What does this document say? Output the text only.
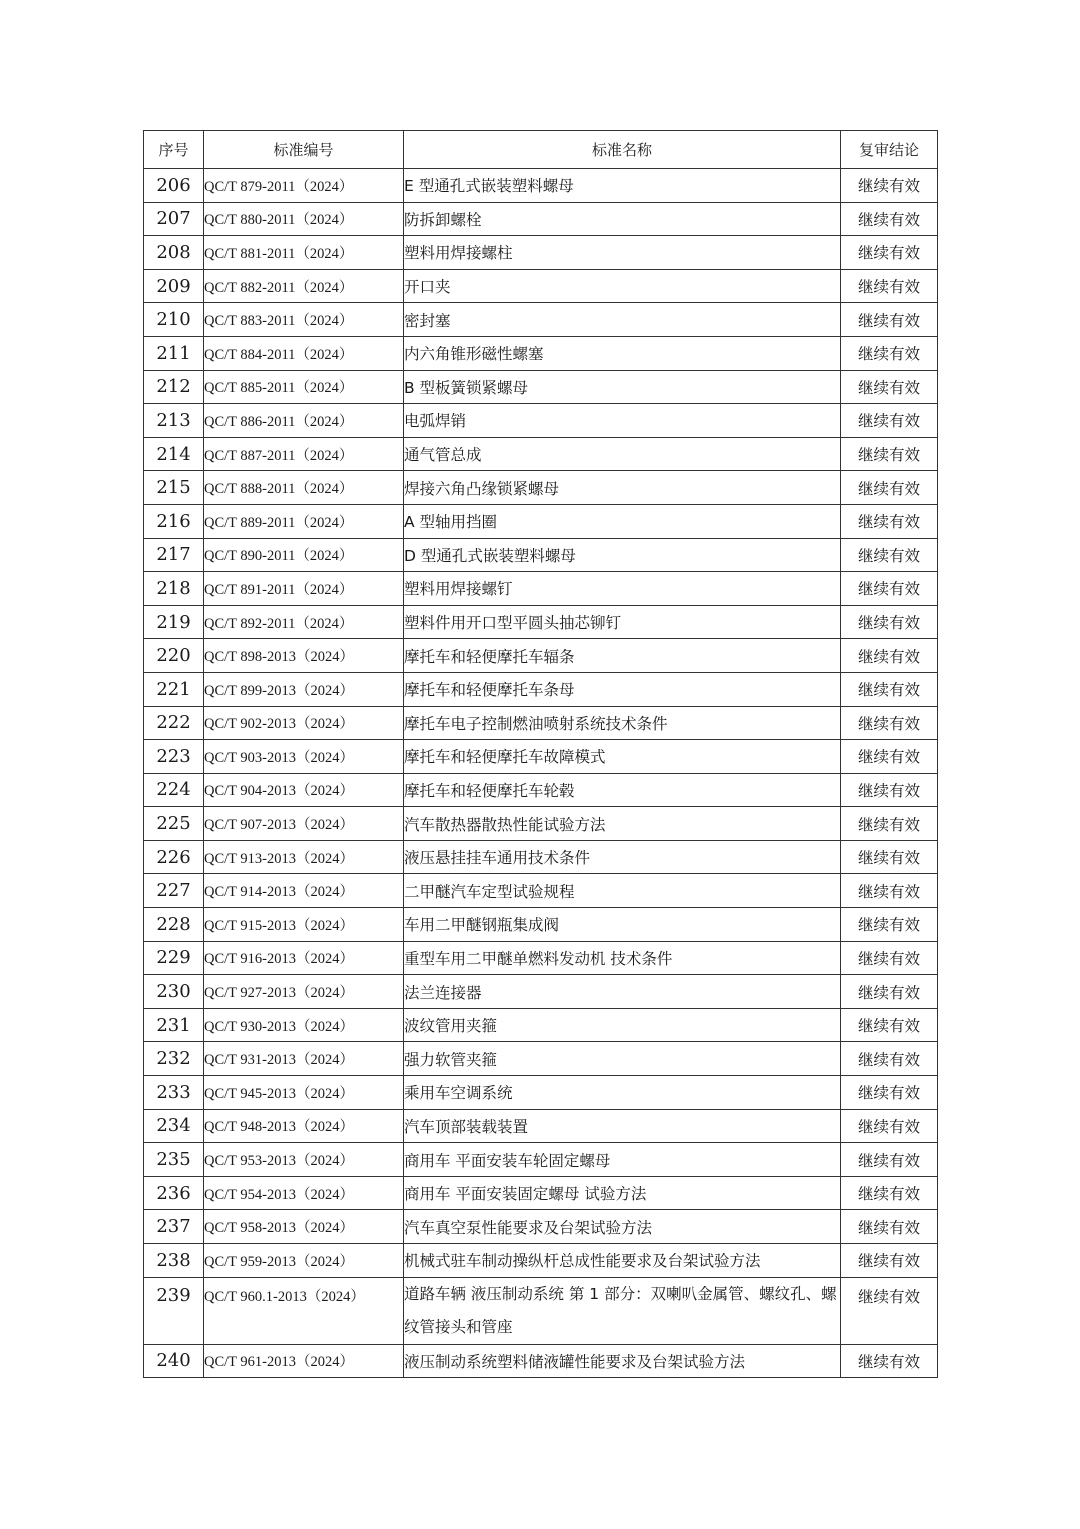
序号	标准编号	标准名称	复审结论
206	QC/T 879-2011（2024）	E 型通孔式嵌装塑料螺母	继续有效
207	QC/T 880-2011（2024）	防拆卸螺栓	继续有效
208	QC/T 881-2011（2024）	塑料用焊接螺柱	继续有效
209	QC/T 882-2011（2024）	开口夹	继续有效
210	QC/T 883-2011（2024）	密封塞	继续有效
211	QC/T 884-2011（2024）	内六角锥形磁性螺塞	继续有效
212	QC/T 885-2011（2024）	B 型板簧锁紧螺母	继续有效
213	QC/T 886-2011（2024）	电弧焊销	继续有效
214	QC/T 887-2011（2024）	通气管总成	继续有效
215	QC/T 888-2011（2024）	焊接六角凸缘锁紧螺母	继续有效
216	QC/T 889-2011（2024）	A 型轴用挡圈	继续有效
217	QC/T 890-2011（2024）	D 型通孔式嵌装塑料螺母	继续有效
218	QC/T 891-2011（2024）	塑料用焊接螺钉	继续有效
219	QC/T 892-2011（2024）	塑料件用开口型平圆头抽芯铆钉	继续有效
220	QC/T 898-2013（2024）	摩托车和轻便摩托车辐条	继续有效
221	QC/T 899-2013（2024）	摩托车和轻便摩托车条母	继续有效
222	QC/T 902-2013（2024）	摩托车电子控制燃油喷射系统技术条件	继续有效
223	QC/T 903-2013（2024）	摩托车和轻便摩托车故障模式	继续有效
224	QC/T 904-2013（2024）	摩托车和轻便摩托车轮毂	继续有效
225	QC/T 907-2013（2024）	汽车散热器散热性能试验方法	继续有效
226	QC/T 913-2013（2024）	液压悬挂挂车通用技术条件	继续有效
227	QC/T 914-2013（2024）	二甲醚汽车定型试验规程	继续有效
228	QC/T 915-2013（2024）	车用二甲醚钢瓶集成阀	继续有效
229	QC/T 916-2013（2024）	重型车用二甲醚单燃料发动机 技术条件	继续有效
230	QC/T 927-2013（2024）	法兰连接器	继续有效
231	QC/T 930-2013（2024）	波纹管用夹箍	继续有效
232	QC/T 931-2013（2024）	强力软管夹箍	继续有效
233	QC/T 945-2013（2024）	乘用车空调系统	继续有效
234	QC/T 948-2013（2024）	汽车顶部装载装置	继续有效
235	QC/T 953-2013（2024）	商用车 平面安装车轮固定螺母	继续有效
236	QC/T 954-2013（2024）	商用车 平面安装固定螺母 试验方法	继续有效
237	QC/T 958-2013（2024）	汽车真空泵性能要求及台架试验方法	继续有效
238	QC/T 959-2013（2024）	机械式驻车制动操纵杆总成性能要求及台架试验方法	继续有效
239	QC/T 960.1-2013（2024）	道路车辆 液压制动系统 第 1 部分：双喇叭金属管、螺纹孔、螺纹管接头和管座	继续有效
240	QC/T 961-2013（2024）	液压制动系统塑料储液罐性能要求及台架试验方法	继续有效
